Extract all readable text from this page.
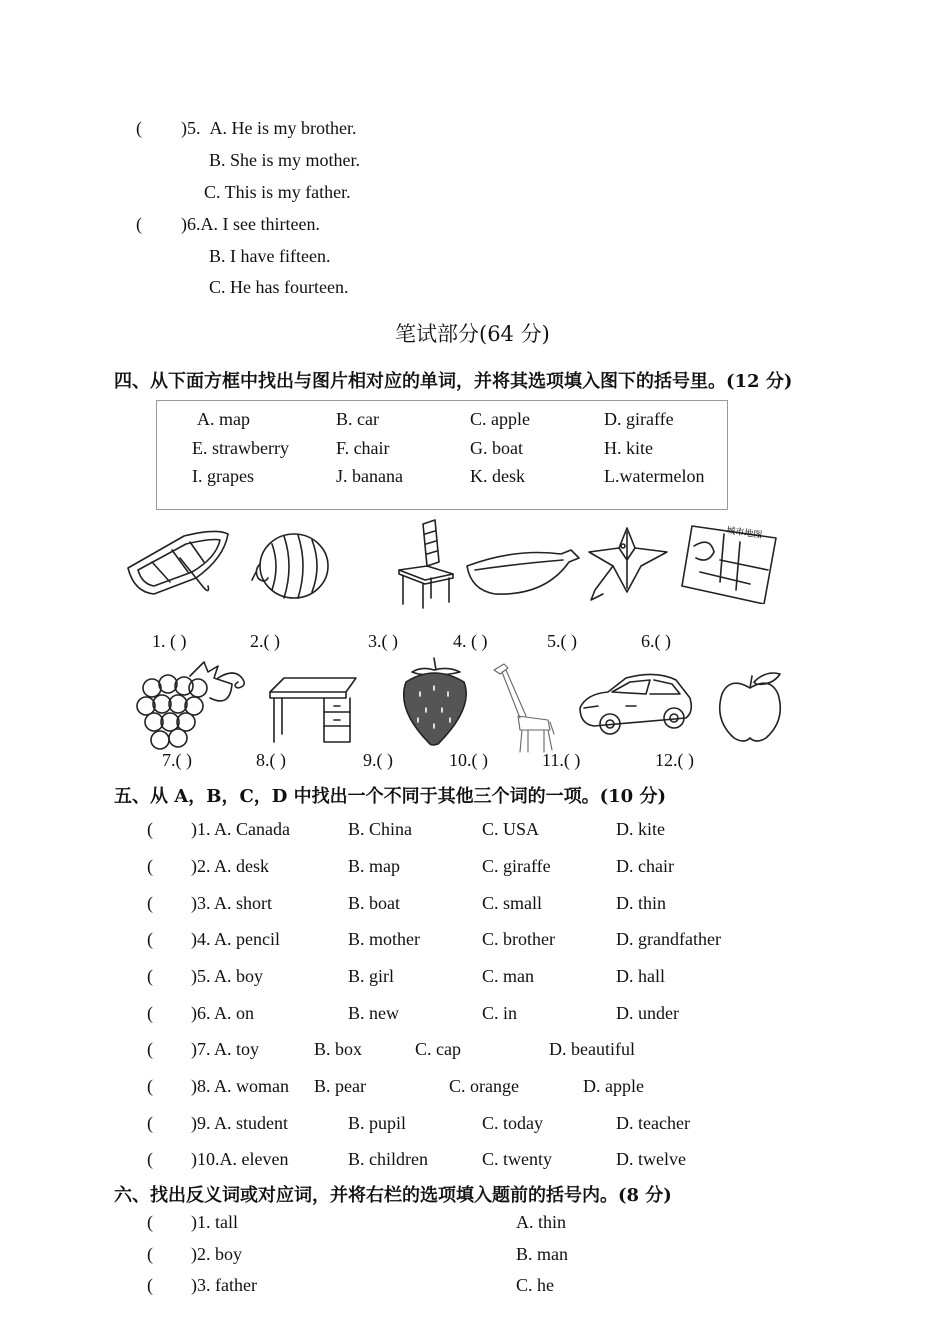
( )5. A. He is my brother.
B. She is my mother.
C. This is my father.
( )6.A. I see thirteen.
B. I have fifteen.
C. He has fourteen.
笔试部分(64 分)
四、从下面方框中找出与图片相对应的单词，并将其选项填入图下的括号里。(12 分)
A. map	B. car	C. apple	D. giraffe
E. strawberry	F. chair	G. boat	H. kite
I. grapes	J. banana	K. desk	L.watermelon
城市地图
1. ( )	2.( )	3.( )	4. ( )	5.( )	6.( )
7.( )	8.( )	9.( )	10.( )	11.( )	12.( )
五、从 A，B，C，D 中找出一个不同于其他三个词的一项。(10 分)
( )1. A. Canada	B. China	C. USA	D. kite
( )2. A. desk	B. map	C. giraffe	D. chair
( )3. A. short	B. boat	C. small	D. thin
( )4. A. pencil	B. mother	C. brother	D. grandfather
( )5. A. boy	B. girl	C. man	D. hall
( )6. A. on	B. new	C. in	D. under
( )7. A. toy	B. box	C. cap	D. beautiful
( )8. A. woman B. pear	C. orange	D. apple
( )9. A. student	B. pupil	C. today	D. teacher
( )10.A. eleven	B. children	C. twenty	D. twelve
六、找出反义词或对应词，并将右栏的选项填入题前的括号内。(8 分)
( )1. tall	A. thin
( )2. boy	B. man
( )3. father	C. he
